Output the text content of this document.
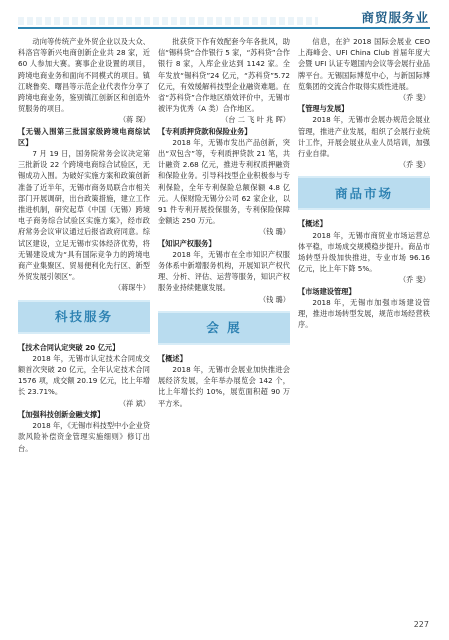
商贸服务业

动向等传统产业外贸企业以及大众、科洛宫等新兴电商创新企业共 28 家，近 60 人参加大赛。赛事企业设置的项目，跨境电商业务和面向不同模式的项目。镇江晓鲁奕、曙昌等示范企业代表作分享了跨境电商业务，鉴别镇江创新区和创造外贸服务的项目。

（蒋 琛）

【无锡入围第三批国家级跨境电商综试区】

7 月 19 日，国务院常务会议决定第三批新设 22 个跨境电商综合试验区，无锡成功入围。为破好实施方案和政策创新准备了近半年，无锡市商务局联合市相关部门开展调研，出台政策措施，建立工作推进机制，研究起草《中国（无锡）跨境电子商务综合试验区实施方案》，经市政府常务会议审议通过后报省政府同意。综试区建设，立足无锡市实体经济优势，将无锡建设成为“具有国际竞争力的跨境电商产业集聚区、贸易便利化先行区、新型外贸发展引领区”。

（蒋琛牛）

科技服务

【技术合同认定突破 20 亿元】

2018 年，无锡市认定技术合同成交额首次突破 20 亿元，全年认定技术合同 1576 项，成交额 20.19 亿元，比上年增长 23.71%。

（祥 斌）

【加强科技创新金融支撑】

2018 年，《无锡市科技型中小企业贷款风险补偿资金管理实施细则》修订出台。

批获贷下作有效配套今年各批风，助信“锡科贷”合作银行 5 家，“苏科贷”合作银行 8 家，入库企业达到 1142 家。全年发放“锡科贷”24 亿元，“苏科贷”5.72 亿元，有效缓解科技型企业融资难题。在省“苏科贷”合作地区绩效评价中，无锡市被评为优秀（A 类）合作地区。

（台 二 飞 叶 兆 晖）

【专利质押贷款和保险业务】

2018 年，无锡市发出产品创新，突出“双包含”等，专利质押贷款 21 笔，共计融资 2.68 亿元，推进专利权质押融资和保险业务。引导科技型企业积极参与专利保险，全年专利保险总额保额 4.8 亿元。人保财险无锡分公司 62 家企业，以 91 件专利开展投保服务，专利保险保障金额达 250 万元。

（钱 璐）

【知识产权服务】

2018 年，无锡市在全市知识产权服务体系中新增服务机构，开展知识产权代理、分析、评估、运营等服务，知识产权服务业持续健康发展。

（钱 璐）

会 展

【概述】

2018 年，无锡市会展业加快推进会展经济发展，全年举办展览会 142 个，比上年增长约 10%，展览面积超 90 万平方米。

信息，在沪 2018 国际会展业 CEO 上海峰会、UFI China Club 首届年度大会暨 UFI 认证专题国内会议等会展行业品牌平台。无锡国际博览中心，与新国际博览集团的交流合作取得实质性进展。

（乔 斐）

【管理与发展】

2018 年，无锡市会展办规范会展业管理，推进产业发展，组织了会展行业统计工作，开展会展业从业人员培训，加强行业自律。

（乔 斐）

商品市场

【概述】

2018 年，无锡市商贸业市场运营总体平稳，市场成交规模稳步提升。商品市场转型升级加快推进，专业市场 96.16 亿元，比上年下降 5%。

（乔 斐）

【市场建设管理】

2018 年，无锡市加强市场建设管理，推进市场转型发展，规范市场经营秩序。

227
